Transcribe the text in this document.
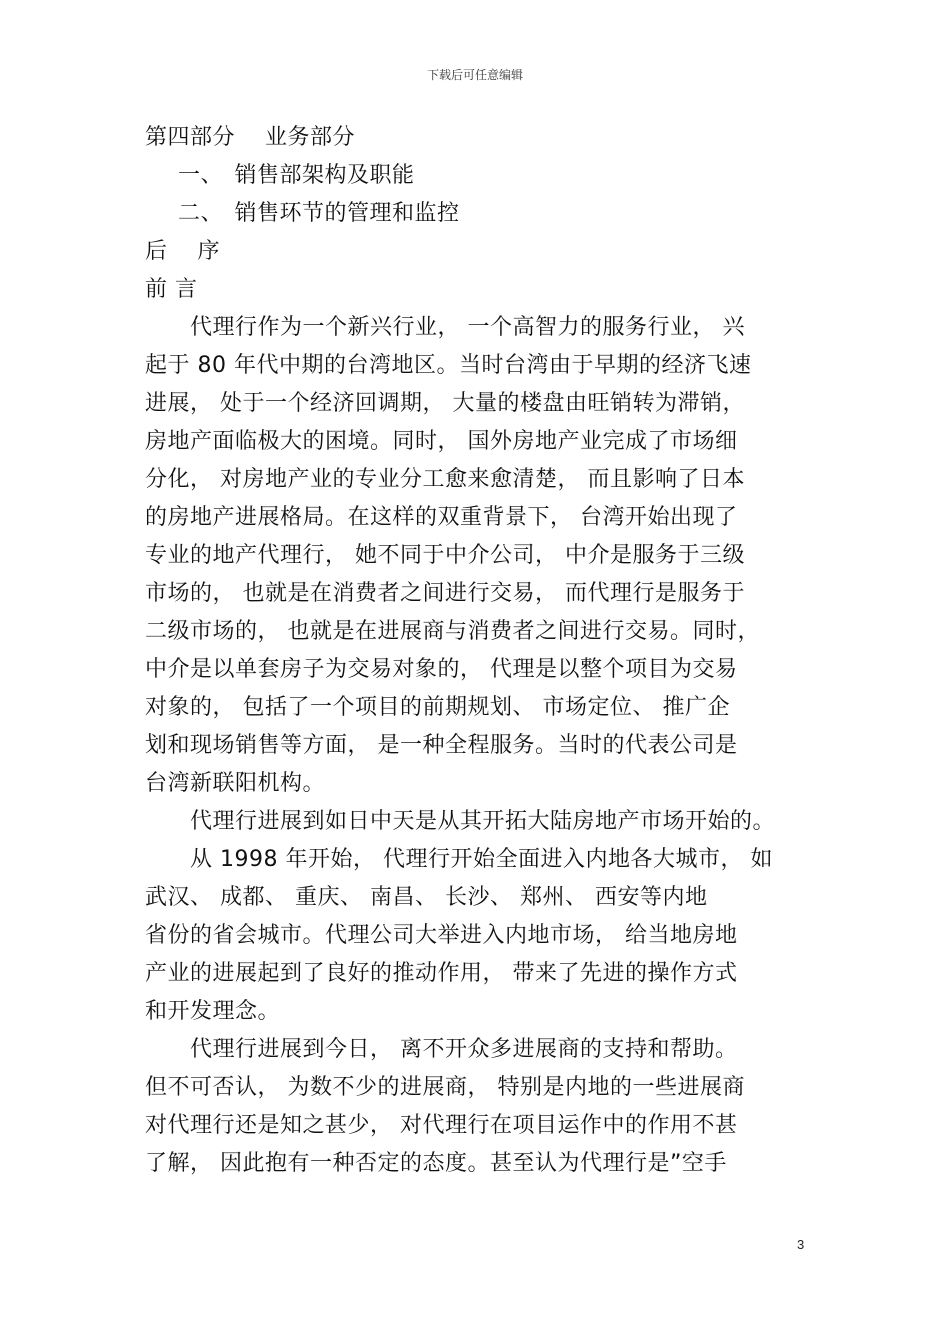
下载后可任意编辑
第四部分　 业务部分
一、　销售部架构及职能
二、　销售环节的管理和监控
后　 序
前 言
代理行作为一个新兴行业， 一个高智力的服务行业， 兴
起于 80 年代中期的台湾地区。当时台湾由于早期的经济飞速
进展， 处于一个经济回调期， 大量的楼盘由旺销转为滞销，
房地产面临极大的困境。同时， 国外房地产业完成了市场细
分化， 对房地产业的专业分工愈来愈清楚， 而且影响了日本
的房地产进展格局。在这样的双重背景下， 台湾开始出现了
专业的地产代理行， 她不同于中介公司， 中介是服务于三级
市场的， 也就是在消费者之间进行交易， 而代理行是服务于
二级市场的， 也就是在进展商与消费者之间进行交易。同时，
中介是以单套房子为交易对象的， 代理是以整个项目为交易
对象的， 包括了一个项目的前期规划、 市场定位、 推广企
划和现场销售等方面， 是一种全程服务。当时的代表公司是
台湾新联阳机构。
代理行进展到如日中天是从其开拓大陆房地产市场开始的。
从 1998 年开始， 代理行开始全面进入内地各大城市， 如
武汉、 成都、 重庆、 南昌、 长沙、 郑州、 西安等内地
省份的省会城市。代理公司大举进入内地市场， 给当地房地
产业的进展起到了良好的推动作用， 带来了先进的操作方式
和开发理念。
代理行进展到今日， 离不开众多进展商的支持和帮助。
但不可否认， 为数不少的进展商， 特别是内地的一些进展商
对代理行还是知之甚少， 对代理行在项目运作中的作用不甚
了解， 因此抱有一种否定的态度。甚至认为代理行是”空手
3
